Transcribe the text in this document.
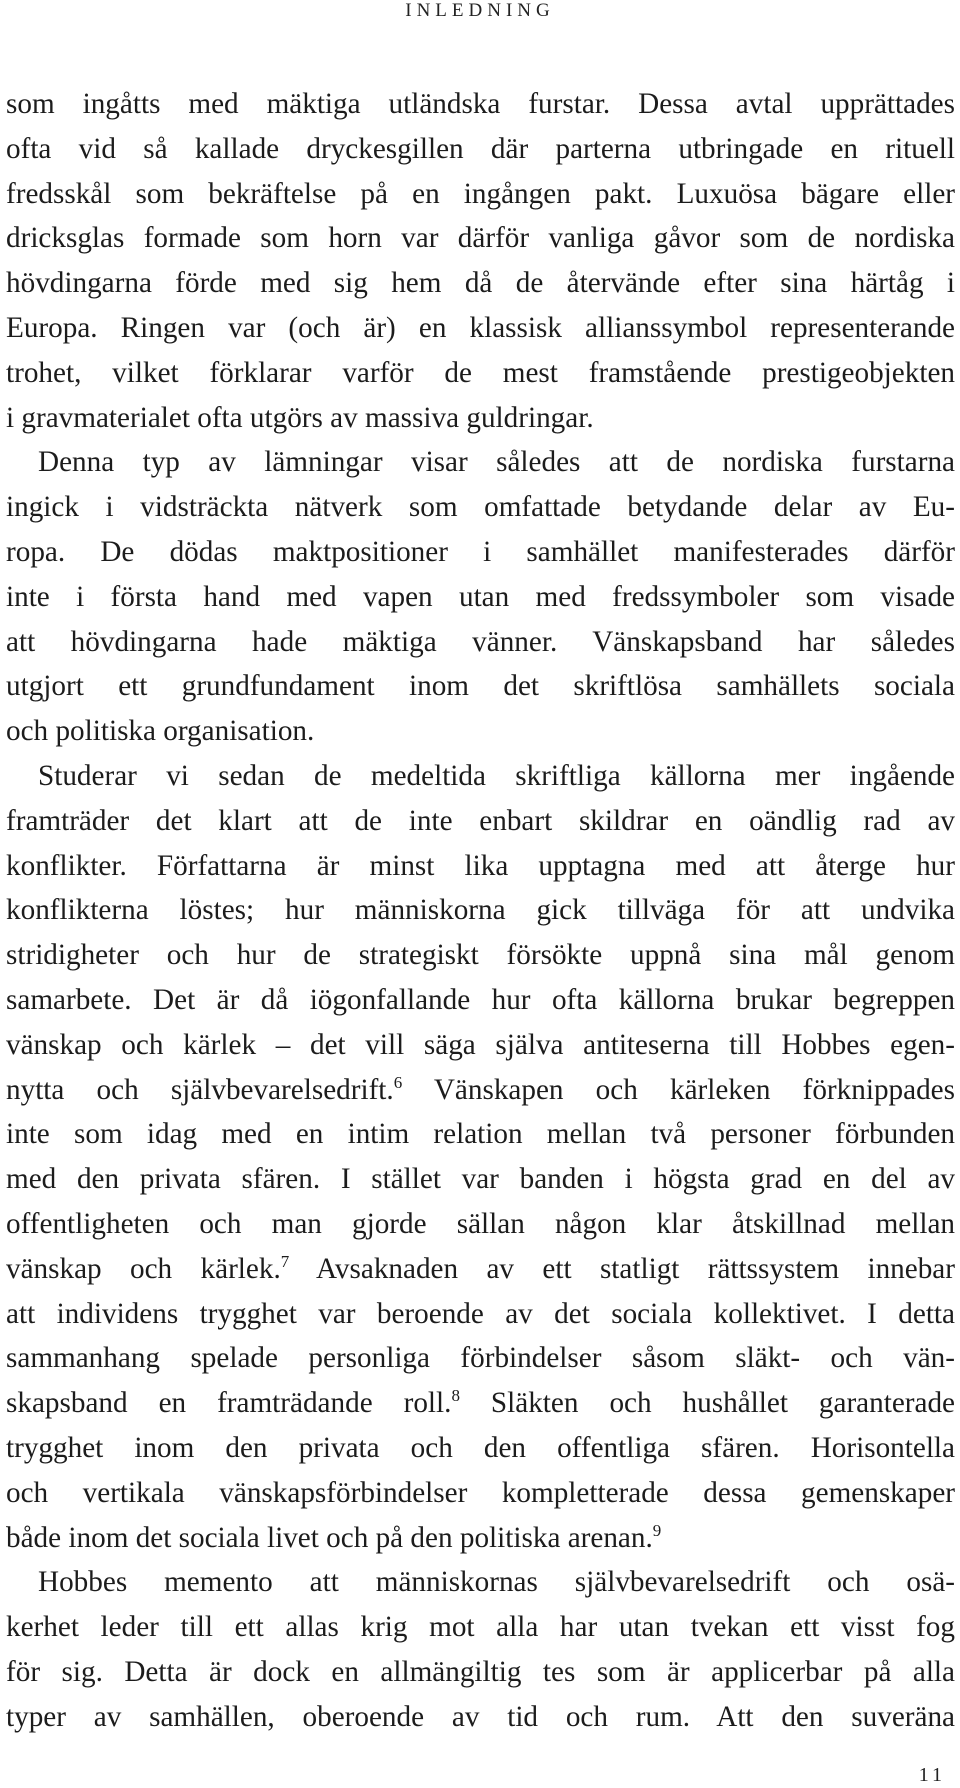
INLEDNING
som ingåtts med mäktiga utländska furstar. Dessa avtal upprättades
ofta vid så kallade dryckesgillen där parterna utbringade en rituell
fredsskål som bekräftelse på en ingången pakt. Luxuösa bägare eller
dricksglas formade som horn var därför vanliga gåvor som de nordiska
hövdingarna förde med sig hem då de återvände efter sina härtåg i
Europa. Ringen var (och är) en klassisk allianssymbol representerande
trohet, vilket förklarar varför de mest framstående prestigeobjekten
i gravmaterialet ofta utgörs av massiva guldringar.
Denna typ av lämningar visar således att de nordiska furstarna
ingick i vidsträckta nätverk som omfattade betydande delar av Eu-
ropa. De dödas maktpositioner i samhället manifesterades därför
inte i första hand med vapen utan med fredssymboler som visade
att hövdingarna hade mäktiga vänner. Vänskapsband har således
utgjort ett grundfundament inom det skriftlösa samhällets sociala
och politiska organisation.
Studerar vi sedan de medeltida skriftliga källorna mer ingående
framträder det klart att de inte enbart skildrar en oändlig rad av
konflikter. Författarna är minst lika upptagna med att återge hur
konflikterna löstes; hur människorna gick tillväga för att undvika
stridigheter och hur de strategiskt försökte uppnå sina mål genom
samarbete. Det är då iögonfallande hur ofta källorna brukar begreppen
vänskap och kärlek – det vill säga själva antiteserna till Hobbes egen-
nytta och självbevarelsedrift.$^6$ Vänskapen och kärleken förknippades
inte som idag med en intim relation mellan två personer förbunden
med den privata sfären. I stället var banden i högsta grad en del av
offentligheten och man gjorde sällan någon klar åtskillnad mellan
vänskap och kärlek.$^7$ Avsaknaden av ett statligt rättssystem innebar
att individens trygghet var beroende av det sociala kollektivet. I detta
sammanhang spelade personliga förbindelser såsom släkt- och vän-
skapsband en framträdande roll.$^8$ Släkten och hushållet garanterade
trygghet inom den privata och den offentliga sfären. Horisontella
och vertikala vänskapsförbindelser kompletterade dessa gemenskaper
både inom det sociala livet och på den politiska arenan.$^9$
Hobbes memento att människornas självbevarelsedrift och osä-
kerhet leder till ett allas krig mot alla har utan tvekan ett visst fog
för sig. Detta är dock en allmängiltig tes som är applicerbar på alla
typer av samhällen, oberoende av tid och rum. Att den suveräna
11
